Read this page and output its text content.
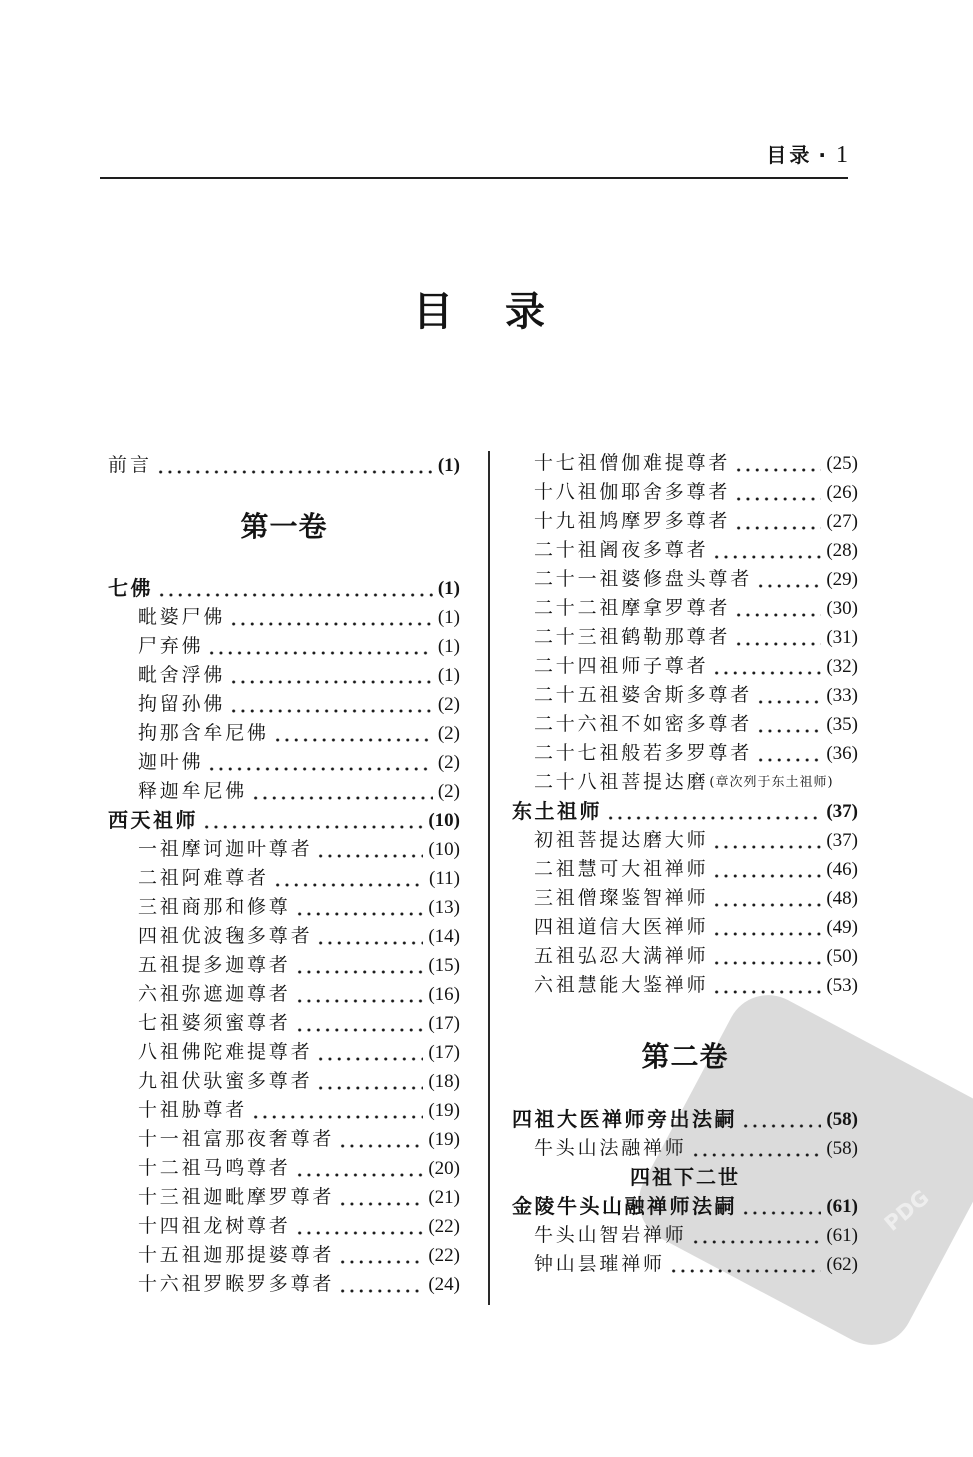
目录 · 1
目录
PDG
前言	(1)
第一卷
七佛	(1)
毗婆尸佛	(1)
尸弃佛	(1)
毗舍浮佛	(1)
拘留孙佛	(2)
拘那含牟尼佛	(2)
迦叶佛	(2)
释迦牟尼佛	(2)
西天祖师	(10)
一祖摩诃迦叶尊者	(10)
二祖阿难尊者	(11)
三祖商那和修尊	(13)
四祖优波毱多尊者	(14)
五祖提多迦尊者	(15)
六祖弥遮迦尊者	(16)
七祖婆须蜜尊者	(17)
八祖佛陀难提尊者	(17)
九祖伏驮蜜多尊者	(18)
十祖胁尊者	(19)
十一祖富那夜奢尊者	(19)
十二祖马鸣尊者	(20)
十三祖迦毗摩罗尊者	(21)
十四祖龙树尊者	(22)
十五祖迦那提婆尊者	(22)
十六祖罗睺罗多尊者	(24)
十七祖僧伽难提尊者	(25)
十八祖伽耶舍多尊者	(26)
十九祖鸠摩罗多尊者	(27)
二十祖阇夜多尊者	(28)
二十一祖婆修盘头尊者	(29)
二十二祖摩拿罗尊者	(30)
二十三祖鹤勒那尊者	(31)
二十四祖师子尊者	(32)
二十五祖婆舍斯多尊者	(33)
二十六祖不如密多尊者	(35)
二十七祖般若多罗尊者	(36)
二十八祖菩提达磨 (章次列于东土祖师)
东土祖师	(37)
初祖菩提达磨大师	(37)
二祖慧可大祖禅师	(46)
三祖僧璨鉴智禅师	(48)
四祖道信大医禅师	(49)
五祖弘忍大满禅师	(50)
六祖慧能大鉴禅师	(53)
第二卷
四祖大医禅师旁出法嗣	(58)
牛头山法融禅师	(58)
四祖下二世
金陵牛头山融禅师法嗣	(61)
牛头山智岩禅师	(61)
钟山昙璀禅师	(62)
